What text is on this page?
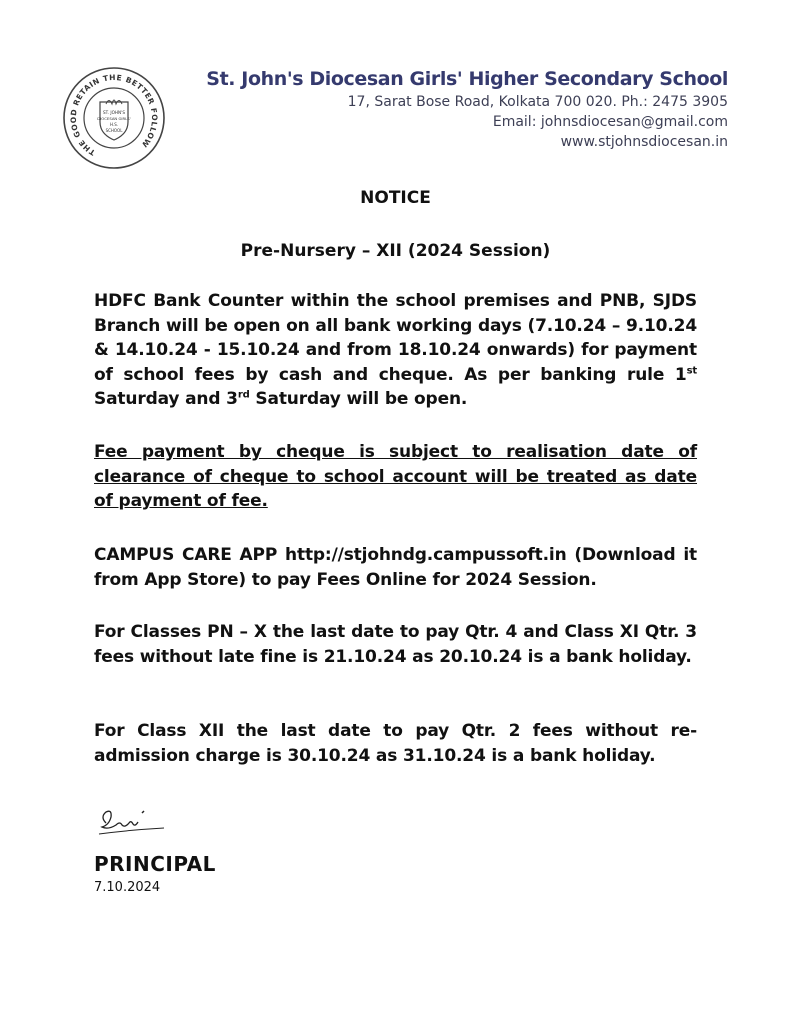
THE GOOD RETAIN THE BETTER FOLLOW
ST. JOHN'S
DIOCESAN GIRLS'
H.S.
SCHOOL
St. John's Diocesan Girls' Higher Secondary School
17, Sarat Bose Road, Kolkata 700 020. Ph.: 2475 3905
Email: johnsdiocesan@gmail.com
www.stjohnsdiocesan.in
NOTICE
Pre-Nursery – XII (2024 Session)

HDFC Bank Counter within the school premises and PNB, SJDS Branch will be open on all bank working days (7.10.24 – 9.10.24 & 14.10.24 - 15.10.24 and from 18.10.24 onwards) for payment of school fees by cash and cheque. As per banking rule 1st Saturday and 3rd Saturday will be open.

Fee payment by cheque is subject to realisation date of clearance of cheque to school account will be treated as date of payment of fee.

CAMPUS CARE APP http://stjohndg.campussoft.in (Download it from App Store) to pay Fees Online for 2024 Session.

For Classes PN – X the last date to pay Qtr. 4 and Class XI Qtr. 3 fees without late fine is 21.10.24 as 20.10.24 is a bank holiday.

For Class XII the last date to pay Qtr. 2 fees without re-admission charge is 30.10.24 as 31.10.24 is a bank holiday.

PRINCIPAL
7.10.2024
